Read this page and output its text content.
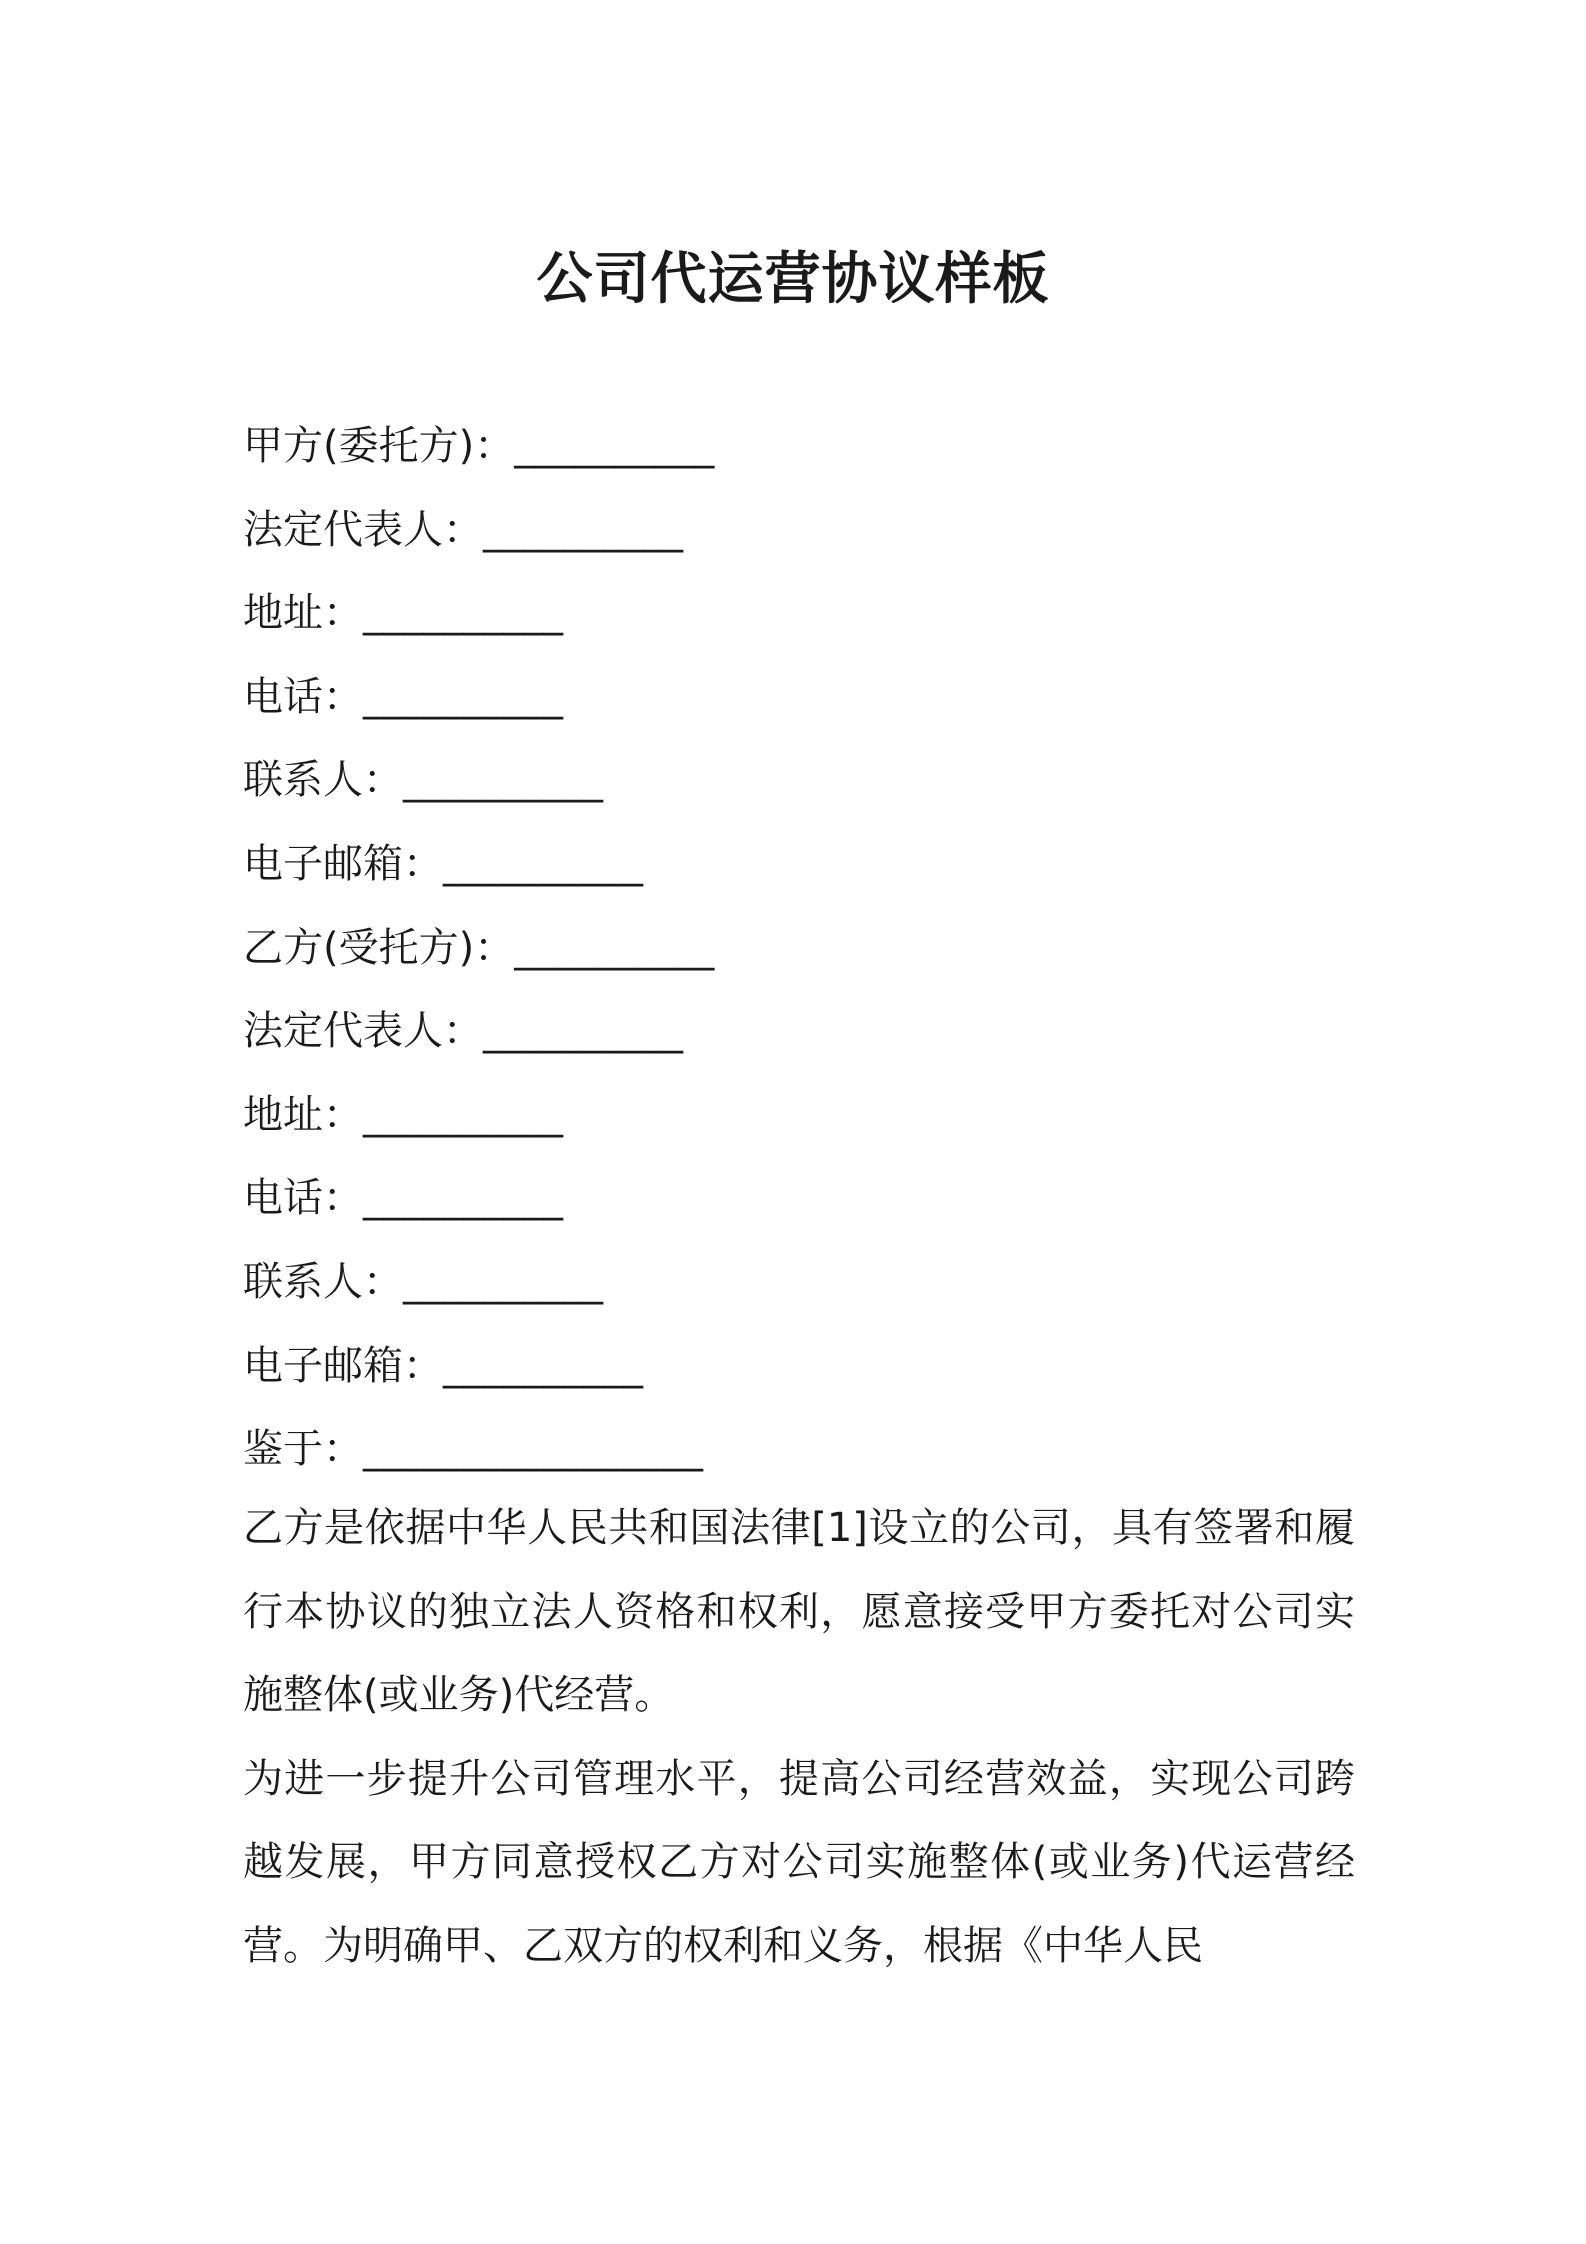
公司代运营协议样板
甲方(委托方)：__________
法定代表人：__________
地址：__________
电话：__________
联系人：__________
电子邮箱：__________
乙方(受托方)：__________
法定代表人：__________
地址：__________
电话：__________
联系人：__________
电子邮箱：__________
鉴于：_________________

乙方是依据中华人民共和国法律[1]设立的公司，具有签署和履行本协议的独立法人资格和权利，愿意接受甲方委托对公司实施整体(或业务)代经营。

为进一步提升公司管理水平，提高公司经营效益，实现公司跨越发展，甲方同意授权乙方对公司实施整体(或业务)代运营经营。为明确甲、乙双方的权利和义务，根据《中华人民
